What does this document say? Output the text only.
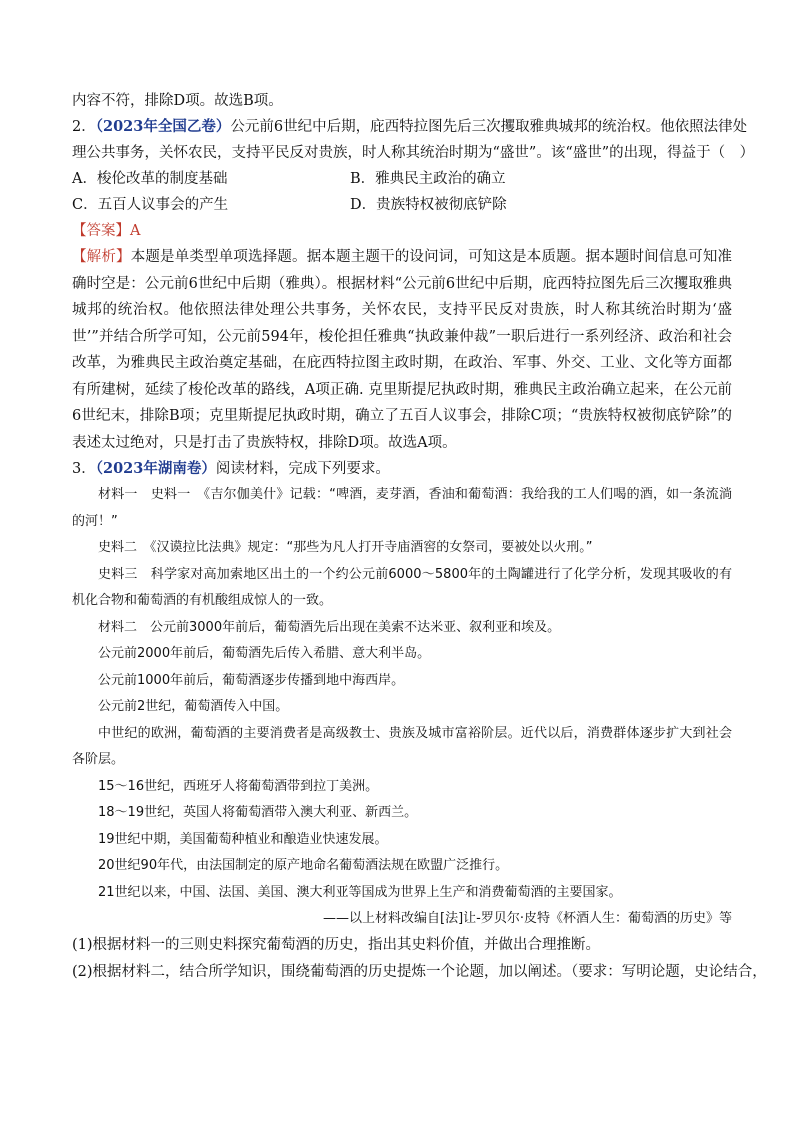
内容不符，排除D项。故选B项。
2．（2023年全国乙卷）公元前6世纪中后期，庇西特拉图先后三次攫取雅典城邦的统治权。他依照法律处
理公共事务，关怀农民，支持平民反对贵族，时人称其统治时期为“盛世”。该“盛世”的出现，得益于（　）
A．梭伦改革的制度基础	B．雅典民主政治的确立
C．五百人议事会的产生	D．贵族特权被彻底铲除
【答案】A
【解析】本题是单类型单项选择题。据本题主题干的设问词，可知这是本质题。据本题时间信息可知准确时空是：公元前6世纪中后期（雅典）。根据材料“公元前6世纪中后期，庇西特拉图先后三次攫取雅典城邦的统治权。他依照法律处理公共事务，关怀农民，支持平民反对贵族，时人称其统治时期为‘盛世’”并结合所学可知，公元前594年，梭伦担任雅典“执政兼仲裁”一职后进行一系列经济、政治和社会改革，为雅典民主政治奠定基础，在庇西特拉图主政时期，在政治、军事、外交、工业、文化等方面都有所建树，延续了梭伦改革的路线，A项正确. 克里斯提尼执政时期，雅典民主政治确立起来，在公元前6世纪末，排除B项；克里斯提尼执政时期，确立了五百人议事会，排除C项；“贵族特权被彻底铲除”的表述太过绝对，只是打击了贵族特权，排除D项。故选A项。
3．（2023年湖南卷）阅读材料，完成下列要求。
材料一　史料一　《吉尔伽美什》记载：“啤酒，麦芽酒，香油和葡萄酒：我给我的工人们喝的酒，如一条流淌的河！”
史料二　《汉谟拉比法典》规定：“那些为凡人打开寺庙酒窖的女祭司，要被处以火刑。”
史料三　科学家对高加索地区出土的一个约公元前6000～5800年的土陶罐进行了化学分析，发现其吸收的有机化合物和葡萄酒的有机酸组成惊人的一致。
材料二　公元前3000年前后，葡萄酒先后出现在美索不达米亚、叙利亚和埃及。
公元前2000年前后，葡萄酒先后传入希腊、意大利半岛。
公元前1000年前后，葡萄酒逐步传播到地中海西岸。
公元前2世纪，葡萄酒传入中国。
中世纪的欧洲，葡萄酒的主要消费者是高级教士、贵族及城市富裕阶层。近代以后，消费群体逐步扩大到社会各阶层。
15～16世纪，西班牙人将葡萄酒带到拉丁美洲。
18～19世纪，英国人将葡萄酒带入澳大利亚、新西兰。
19世纪中期，美国葡萄种植业和酿造业快速发展。
20世纪90年代，由法国制定的原产地命名葡萄酒法规在欧盟广泛推行。
21世纪以来，中国、法国、美国、澳大利亚等国成为世界上生产和消费葡萄酒的主要国家。
——以上材料改编自[法]让-罗贝尔·皮特《杯酒人生：葡萄酒的历史》等
(1)根据材料一的三则史料探究葡萄酒的历史，指出其史料价值，并做出合理推断。
(2)根据材料二，结合所学知识，围绕葡萄酒的历史提炼一个论题，加以阐述。（要求：写明论题，史论结合，
